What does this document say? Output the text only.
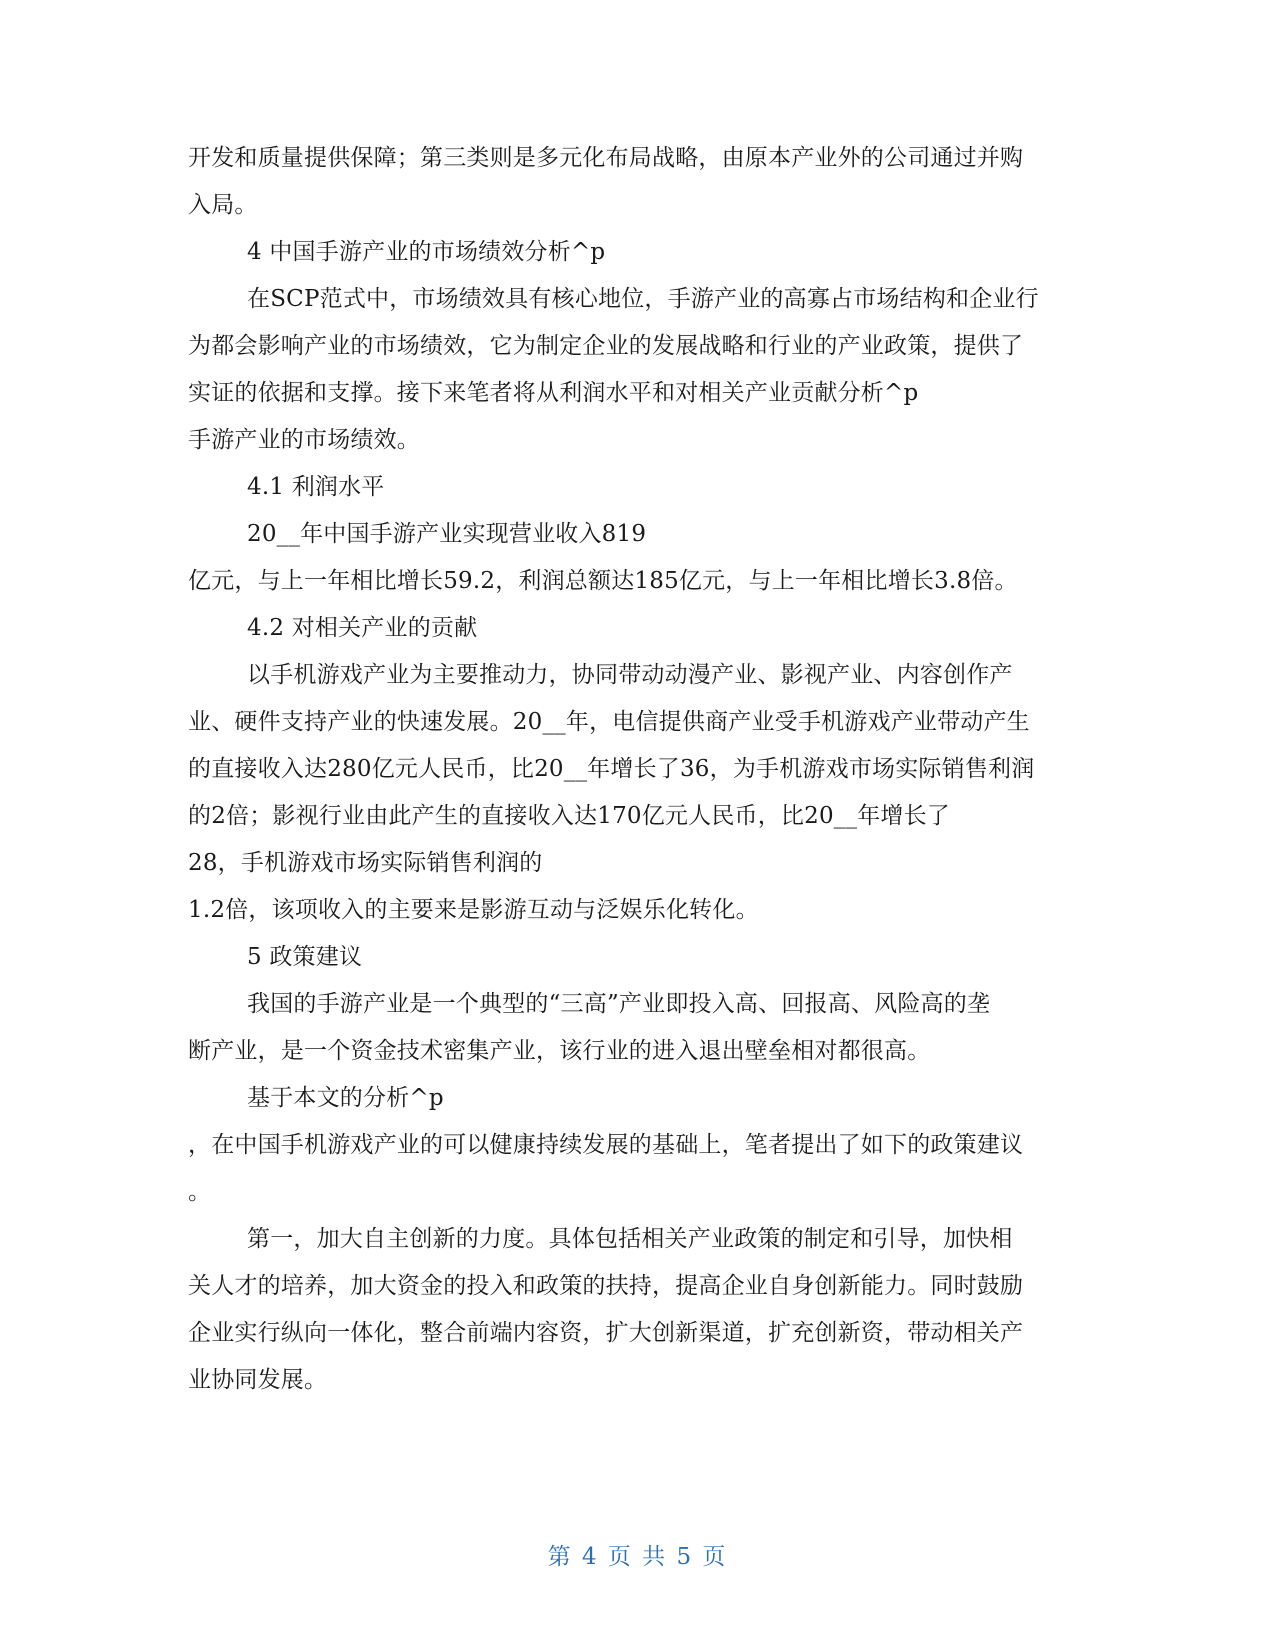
开发和质量提供保障；第三类则是多元化布局战略，由原本产业外的公司通过并购
入局。
4 中国手游产业的市场绩效分析^p
在SCP范式中，市场绩效具有核心地位，手游产业的高寡占市场结构和企业行
为都会影响产业的市场绩效，它为制定企业的发展战略和行业的产业政策，提供了
实证的依据和支撑。接下来笔者将从利润水平和对相关产业贡献分析^p
手游产业的市场绩效。
4.1 利润水平
20__年中国手游产业实现营业收入819
亿元，与上一年相比增长59.2，利润总额达185亿元，与上一年相比增长3.8倍。
4.2 对相关产业的贡献
以手机游戏产业为主要推动力，协同带动动漫产业、影视产业、内容创作产
业、硬件支持产业的快速发展。20__年，电信提供商产业受手机游戏产业带动产生
的直接收入达280亿元人民币，比20__年增长了36，为手机游戏市场实际销售利润
的2倍；影视行业由此产生的直接收入达170亿元人民币，比20__年增长了
28，手机游戏市场实际销售利润的
1.2倍，该项收入的主要来是影游互动与泛娱乐化转化。
5 政策建议
我国的手游产业是一个典型的“三高”产业即投入高、回报高、风险高的垄
断产业，是一个资金技术密集产业，该行业的进入退出壁垒相对都很高。
基于本文的分析^p
，在中国手机游戏产业的可以健康持续发展的基础上，笔者提出了如下的政策建议
。
第一，加大自主创新的力度。具体包括相关产业政策的制定和引导，加快相
关人才的培养，加大资金的投入和政策的扶持，提高企业自身创新能力。同时鼓励
企业实行纵向一体化，整合前端内容资，扩大创新渠道，扩充创新资，带动相关产
业协同发展。
第 4 页 共 5 页
